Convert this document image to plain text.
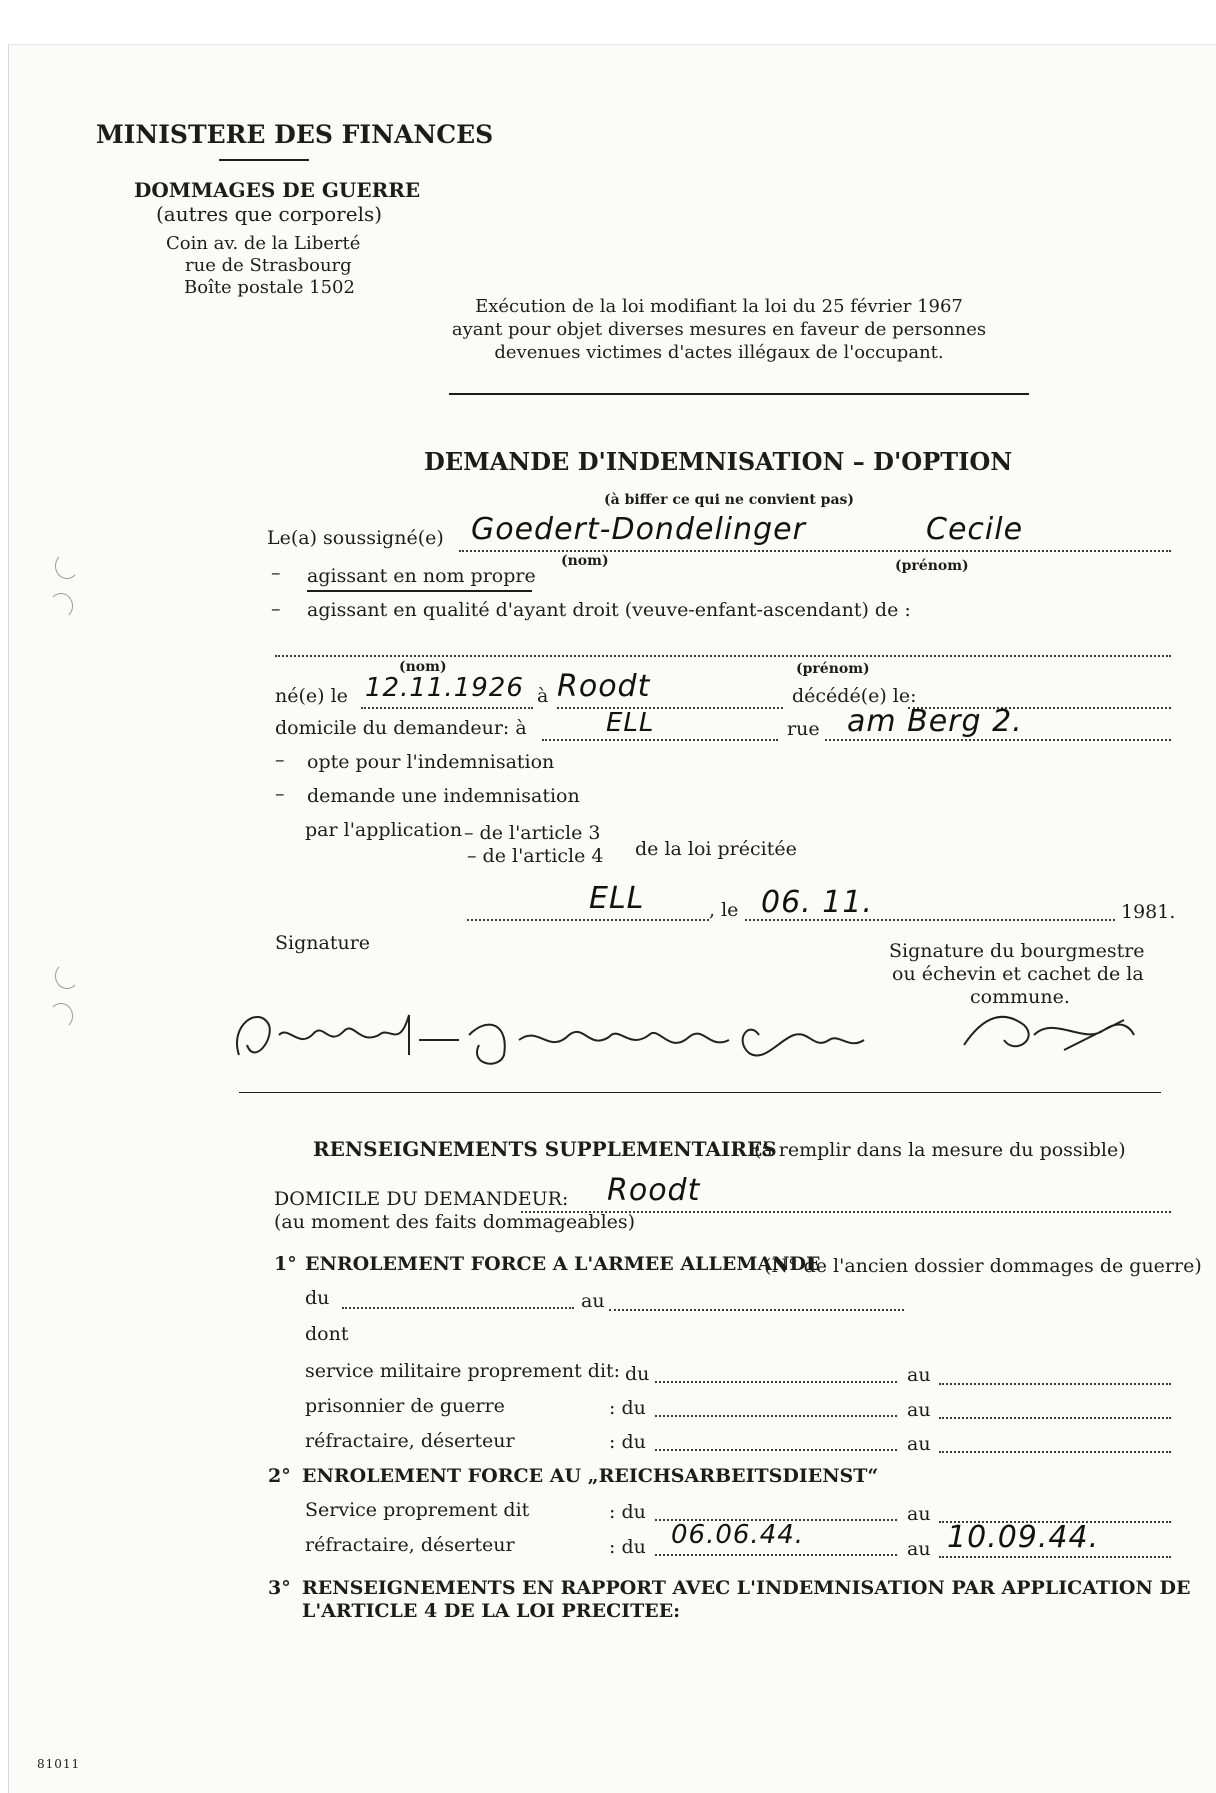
MINISTERE DES FINANCES
DOMMAGES DE GUERRE
(autres que corporels)
Coin av. de la Liberté
rue de Strasbourg
Boîte postale 1502
Exécution de la loi modifiant la loi du 25 février 1967
ayant pour objet diverses mesures en faveur de personnes
devenues victimes d'actes illégaux de l'occupant.
DEMANDE D'INDEMNISATION – D'OPTION
(à biffer ce qui ne convient pas)
Le(a) soussigné(e) Goedert-Dondelinger	Cecile
(nom)	(prénom)
– agissant en nom propre
– agissant en qualité d'ayant droit (veuve-enfant-ascendant) de :
(nom)	(prénom)
né(e) le 12.11.1926 à Roodt	décédé(e) le:
domicile du demandeur: à	ELL	rue am Berg 2.
– opte pour l'indemnisation
– demande une indemnisation
par l'application – de l'article 3
– de l'article 4 de la loi précitée
ELL	, le 06. 11.	1981.
Signature	Signature du bourgmestre
ou échevin et cachet de la
commune.
RENSEIGNEMENTS SUPPLEMENTAIRES
(à remplir dans la mesure du possible)
DOMICILE DU DEMANDEUR: Roodt
(au moment des faits dommageables)
1° ENROLEMENT FORCE A L'ARMEE ALLEMANDE
(N° de l'ancien dossier dommages de guerre)
du	au
dont
service militaire proprement dit: du	au
prisonnier de guerre	: du	au
réfractaire, déserteur	: du	au
2° ENROLEMENT FORCE AU „REICHSARBEITSDIENST“
Service proprement dit	: du	au
réfractaire, déserteur	: du 06.06.44.	au 10.09.44.
3° RENSEIGNEMENTS EN RAPPORT AVEC L'INDEMNISATION PAR APPLICATION DE
L'ARTICLE 4 DE LA LOI PRECITEE:
81011
